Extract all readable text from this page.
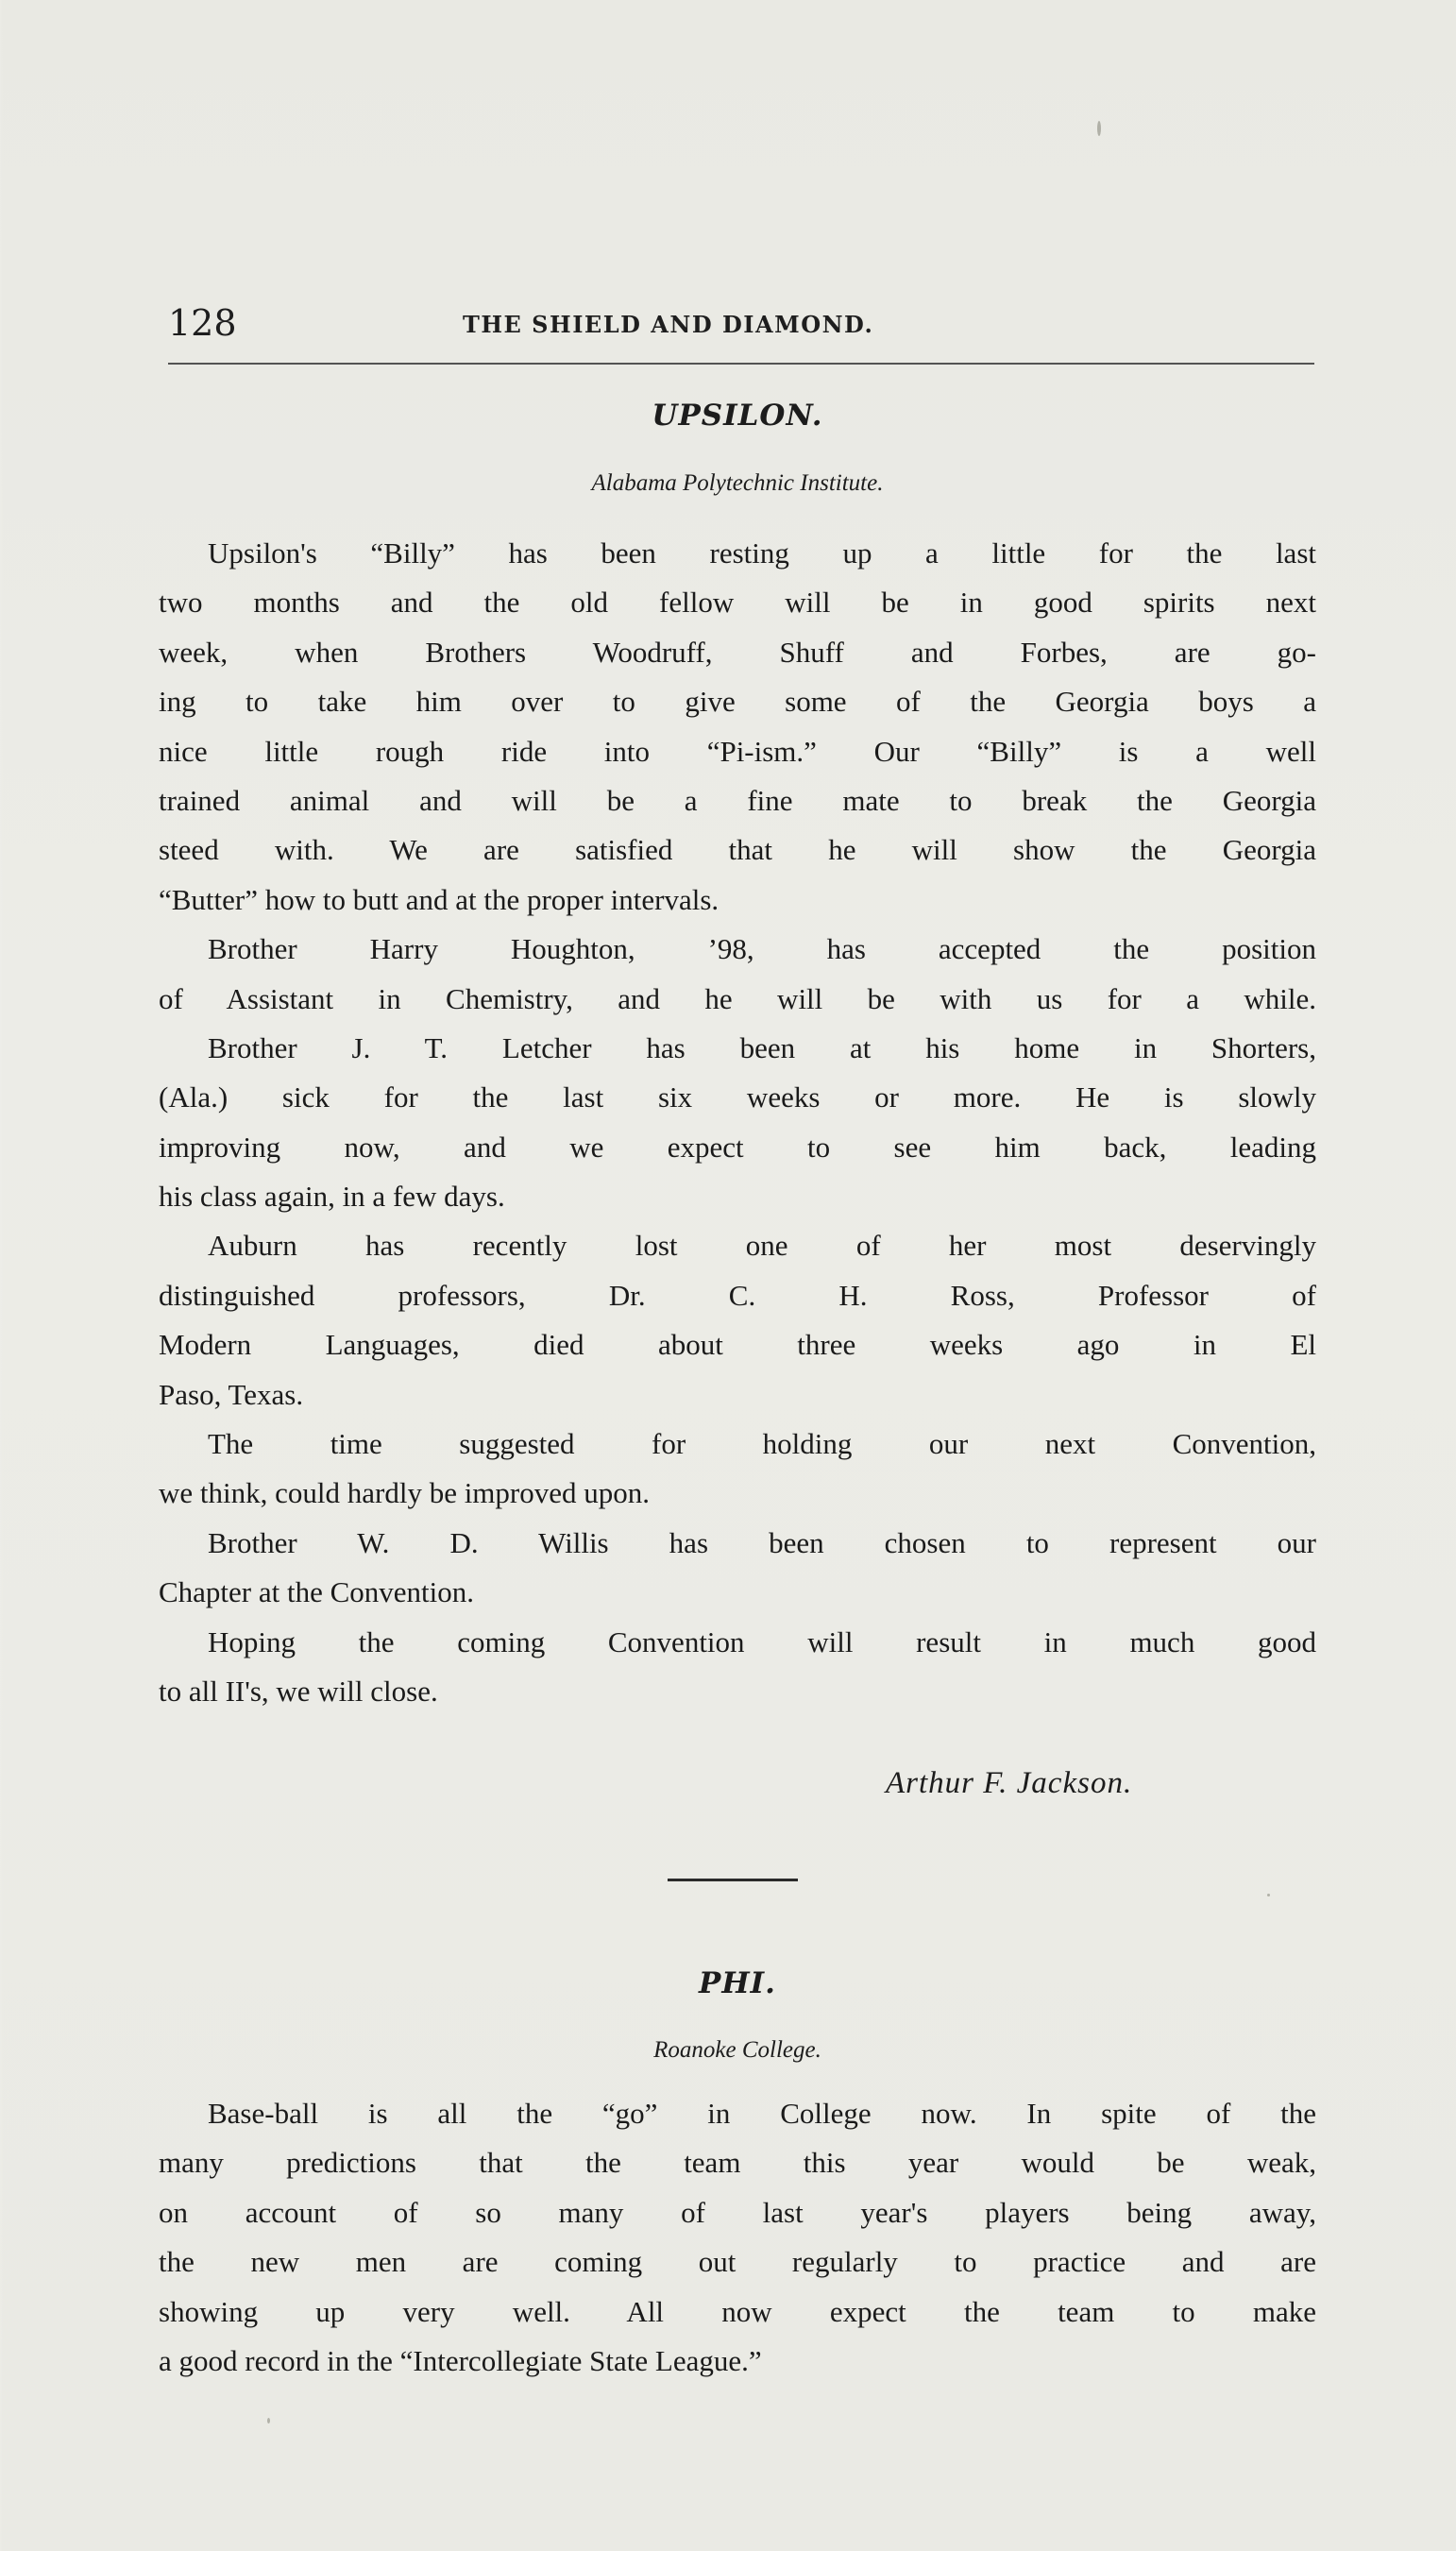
128	THE SHIELD AND DIAMOND.
UPSILON.
Alabama Polytechnic Institute.
Upsilon's “Billy” has been resting up a little for the last
two months and the old fellow will be in good spirits next
week, when Brothers Woodruff, Shuff and Forbes, are go-
ing to take him over to give some of the Georgia boys a
nice little rough ride into “Pi-ism.” Our “Billy” is a well
trained animal and will be a fine mate to break the Georgia
steed with. We are satisfied that he will show the Georgia
“Butter” how to butt and at the proper intervals.
Brother Harry Houghton, ’98, has accepted the position
of Assistant in Chemistry, and he will be with us for a while.
Brother J. T. Letcher has been at his home in Shorters,
(Ala.) sick for the last six weeks or more. He is slowly
improving now, and we expect to see him back, leading
his class again, in a few days.
Auburn has recently lost one of her most deservingly
distinguished professors, Dr. C. H. Ross, Professor of
Modern Languages, died about three weeks ago in El
Paso, Texas.
The time suggested for holding our next Convention,
we think, could hardly be improved upon.
Brother W. D. Willis has been chosen to represent our
Chapter at the Convention.
Hoping the coming Convention will result in much good
to all II's, we will close.
Arthur F. Jackson.
PHI.
Roanoke College.
Base-ball is all the “go” in College now. In spite of the
many predictions that the team this year would be weak,
on account of so many of last year's players being away,
the new men are coming out regularly to practice and are
showing up very well. All now expect the team to make
a good record in the “Intercollegiate State League.”
